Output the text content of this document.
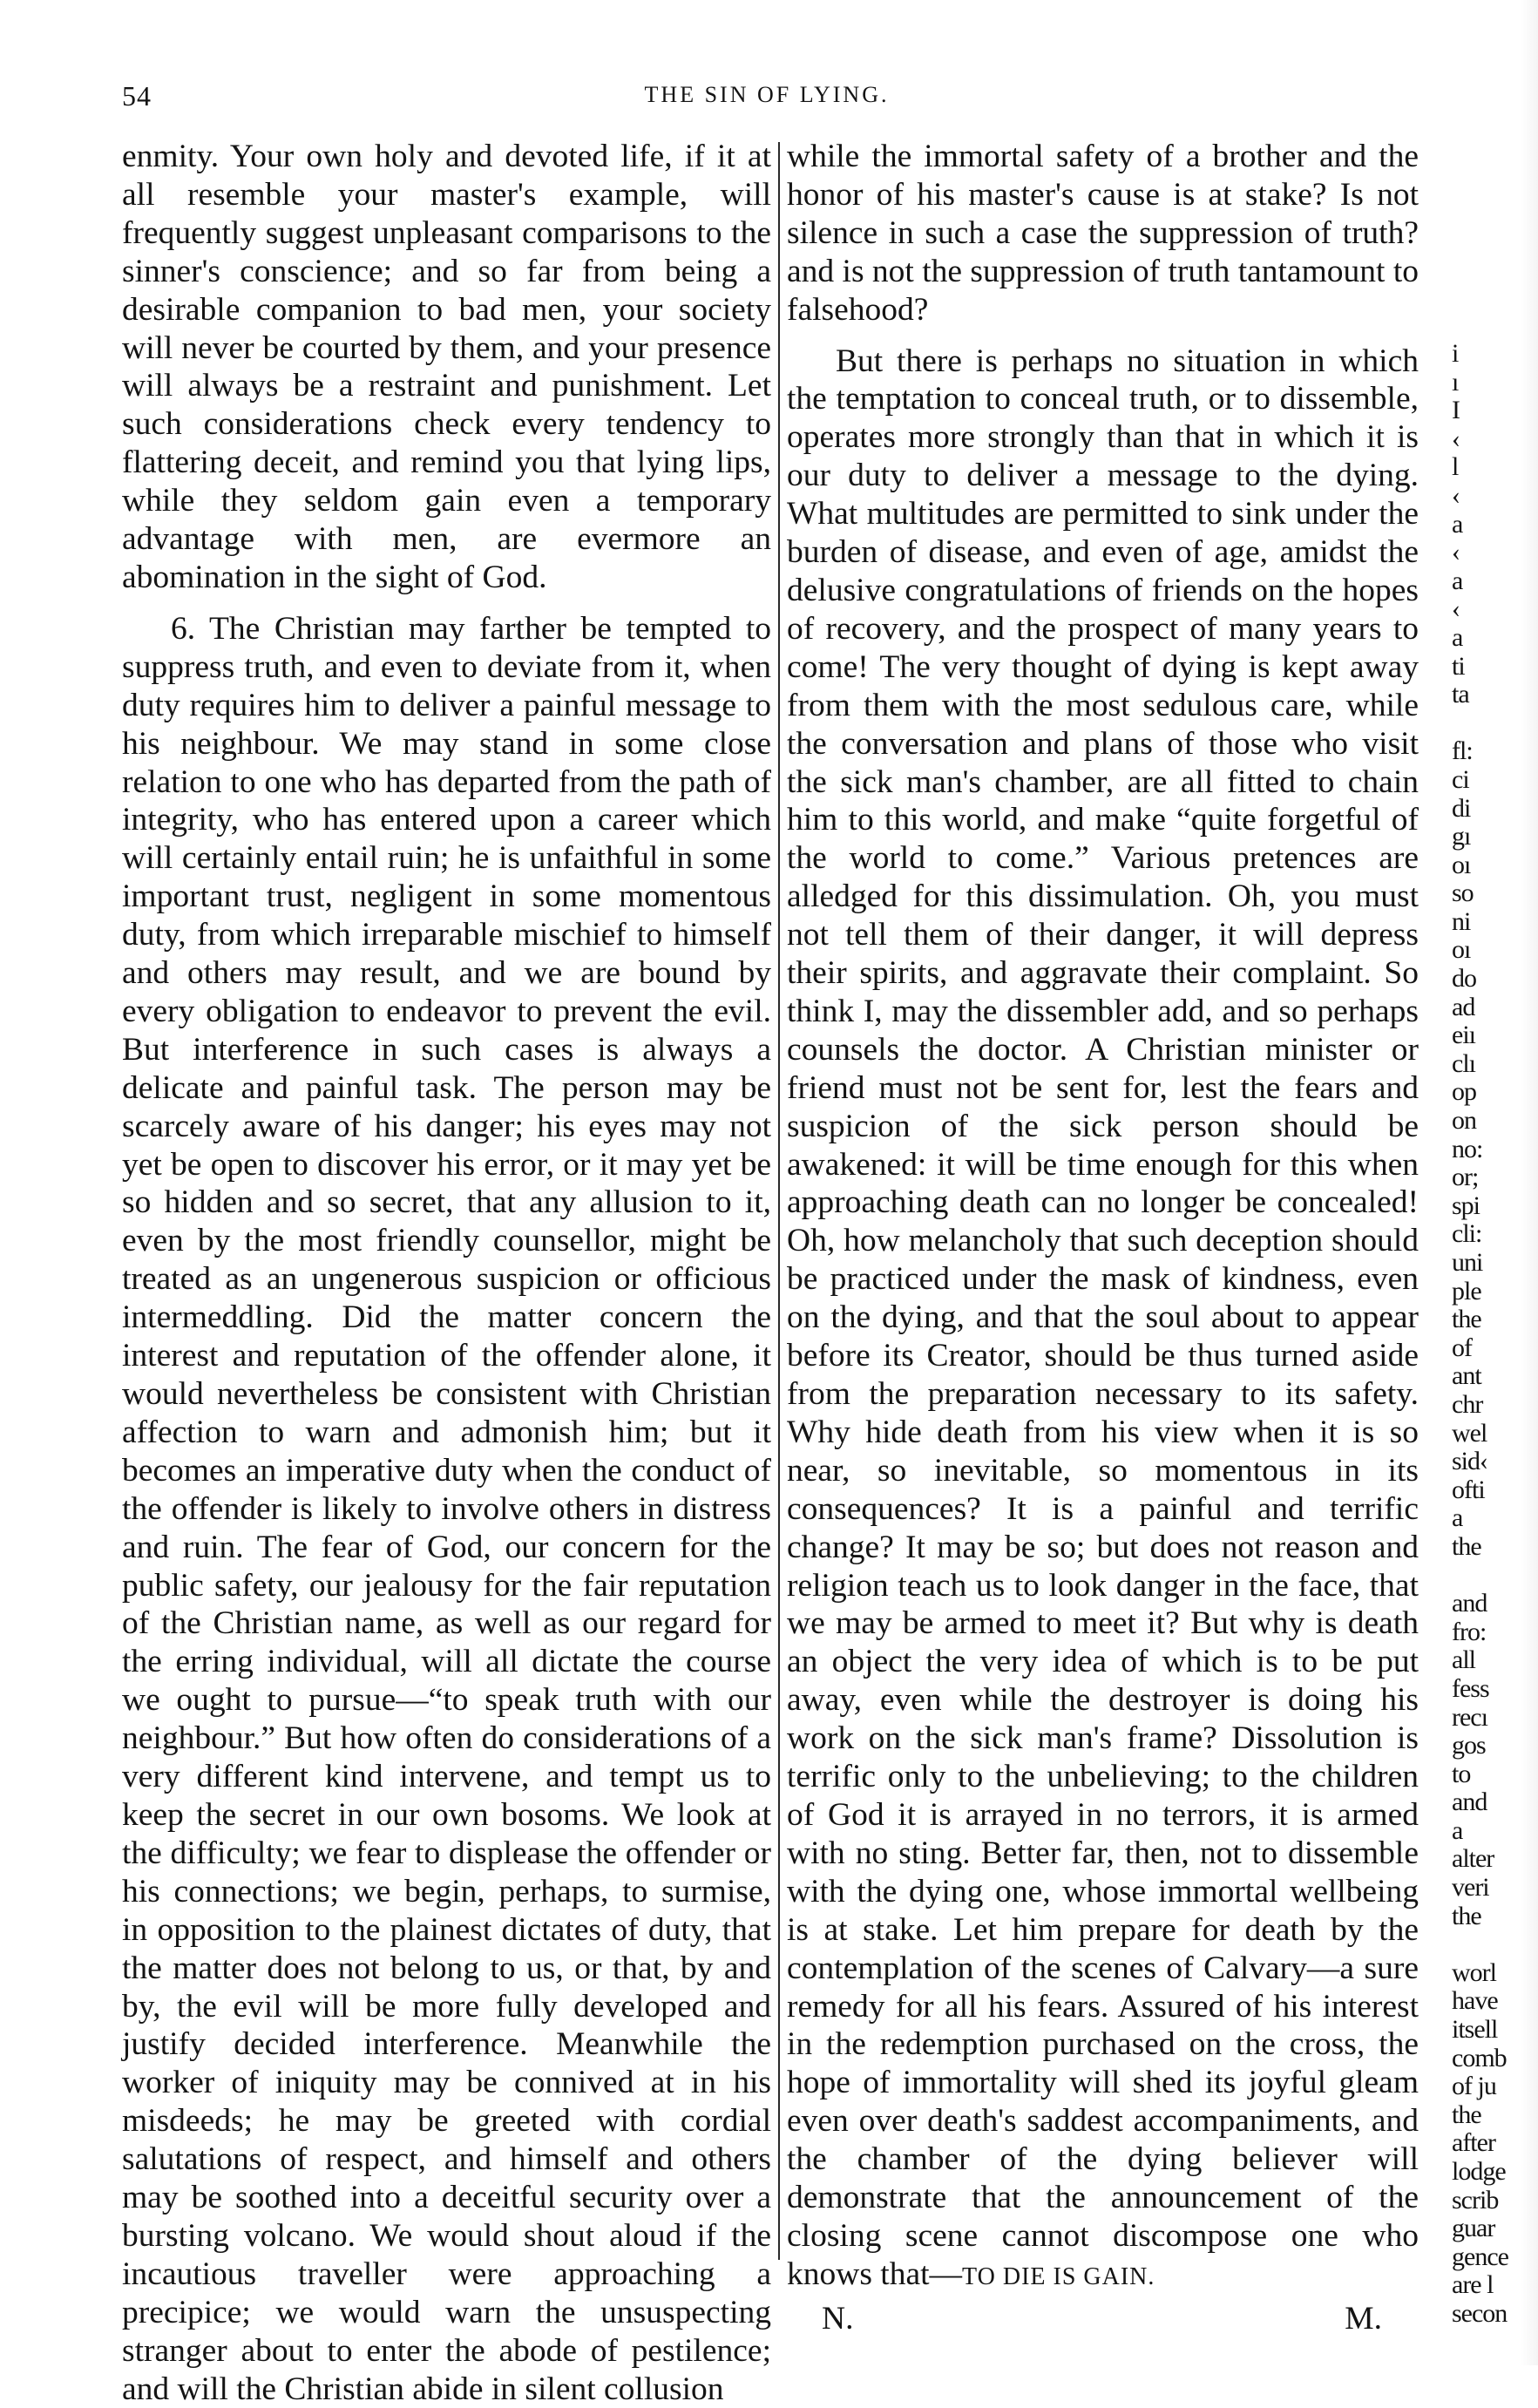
54	THE SIN OF LYING.

enmity. Your own holy and devoted life, if it at all resemble your master's example, will frequently suggest unpleasant comparisons to the sinner's conscience; and so far from being a desirable companion to bad men, your society will never be courted by them, and your presence will always be a restraint and punishment. Let such considerations check every tendency to flattering deceit, and remind you that lying lips, while they seldom gain even a temporary advantage with men, are evermore an abomination in the sight of God.

6. The Christian may farther be tempted to suppress truth, and even to deviate from it, when duty requires him to deliver a painful message to his neighbour. We may stand in some close relation to one who has departed from the path of integrity, who has entered upon a career which will certainly entail ruin; he is unfaithful in some important trust, negligent in some momentous duty, from which irreparable mischief to himself and others may result, and we are bound by every obligation to endeavor to prevent the evil. But interference in such cases is always a delicate and painful task. The person may be scarcely aware of his danger; his eyes may not yet be open to discover his error, or it may yet be so hidden and so secret, that any allusion to it, even by the most friendly counsellor, might be treated as an ungenerous suspicion or officious intermeddling. Did the matter concern the interest and reputation of the offender alone, it would nevertheless be consistent with Christian affection to warn and admonish him; but it becomes an imperative duty when the conduct of the offender is likely to involve others in distress and ruin. The fear of God, our concern for the public safety, our jealousy for the fair reputation of the Christian name, as well as our regard for the erring individual, will all dictate the course we ought to pursue—“to speak truth with our neighbour.” But how often do considerations of a very different kind intervene, and tempt us to keep the secret in our own bosoms. We look at the difficulty; we fear to displease the offender or his connections; we begin, perhaps, to surmise, in opposition to the plainest dictates of duty, that the matter does not belong to us, or that, by and by, the evil will be more fully developed and justify decided interference. Meanwhile the worker of iniquity may be connived at in his misdeeds; he may be greeted with cordial salutations of respect, and himself and others may be soothed into a deceitful security over a bursting volcano. We would shout aloud if the incautious traveller were approaching a precipice; we would warn the unsuspecting stranger about to enter the abode of pestilence; and will the Christian abide in silent collusion

while the immortal safety of a brother and the honor of his master's cause is at stake? Is not silence in such a case the suppression of truth? and is not the suppression of truth tantamount to falsehood?

But there is perhaps no situation in which the temptation to conceal truth, or to dissemble, operates more strongly than that in which it is our duty to deliver a message to the dying. What multitudes are permitted to sink under the burden of disease, and even of age, amidst the delusive congratulations of friends on the hopes of recovery, and the prospect of many years to come! The very thought of dying is kept away from them with the most sedulous care, while the conversation and plans of those who visit the sick man's chamber, are all fitted to chain him to this world, and make “quite forgetful of the world to come.” Various pretences are alledged for this dissimulation. Oh, you must not tell them of their danger, it will depress their spirits, and aggravate their complaint. So think I, may the dissembler add, and so perhaps counsels the doctor. A Christian minister or friend must not be sent for, lest the fears and suspicion of the sick person should be awakened: it will be time enough for this when approaching death can no longer be concealed! Oh, how melancholy that such deception should be practiced under the mask of kindness, even on the dying, and that the soul about to appear before its Creator, should be thus turned aside from the preparation necessary to its safety. Why hide death from his view when it is so near, so inevitable, so momentous in its consequences? It is a painful and terrific change? It may be so; but does not reason and religion teach us to look danger in the face, that we may be armed to meet it? But why is death an object the very idea of which is to be put away, even while the destroyer is doing his work on the sick man's frame? Dissolution is terrific only to the unbelieving; to the children of God it is arrayed in no terrors, it is armed with no sting. Better far, then, not to dissemble with the dying one, whose immortal wellbeing is at stake. Let him prepare for death by the contemplation of the scenes of Calvary—a sure remedy for all his fears. Assured of his interest in the redemption purchased on the cross, the hope of immortality will shed its joyful gleam even over death's saddest accompaniments, and the chamber of the dying believer will demonstrate that the announcement of the closing scene cannot discompose one who knows that—TO DIE IS GAIN.

N.	M.
i
ı
I
‹
l
‹
a
‹
a
‹
a
ti
ta

fl:
ci
di
gı
oı
so
ni
oı
do
ad
eiı
clı
op
on
no:
or;
spi
cli:
uni
ple
the
of
ant
chr
wel
sid‹
ofti
a
the

and
fro:
all
fess
recı
gos
to
and
a
alter
veri
the

worl
have
itsell
comb
of ju
the
after
lodge
scrib
guar
gence
are l
secon
